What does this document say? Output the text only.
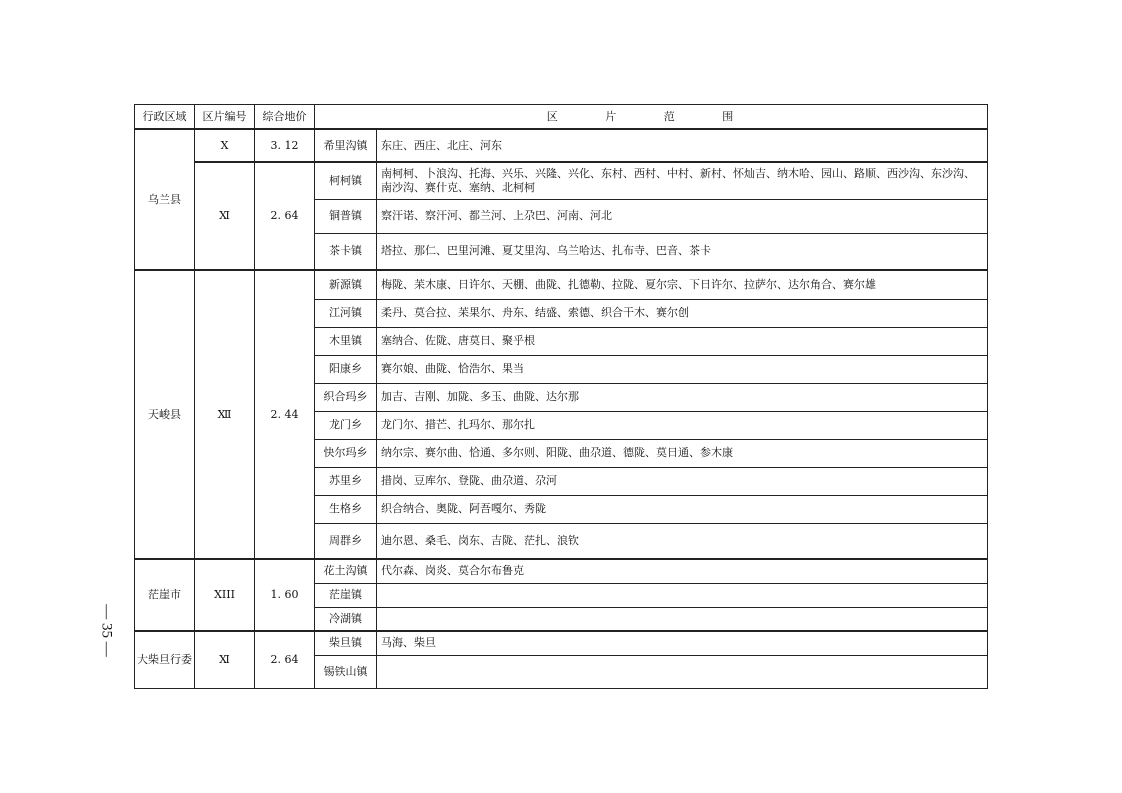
行政区域	区片编号	综合地价	区 片 范 围	
乌兰县	Ⅹ	3. 12	希里沟镇	东庄、西庄、北庄、河东
	Ⅺ	2. 64	柯柯镇	南柯柯、卜浪沟、托海、兴乐、兴隆、兴化、东村、西村、中村、新村、怀灿吉、纳木哈、园山、路顺、西沙沟、东沙沟、南沙沟、赛什克、塞纳、北柯柯
			铜普镇	察汗诺、察汗河、都兰河、上尕巴、河南、河北
			茶卡镇	塔拉、那仁、巴里河滩、夏艾里沟、乌兰哈达、扎布寺、巴音、茶卡
天峻县	Ⅻ	2. 44	新源镇	梅陇、苿木康、日许尔、天棚、曲陇、扎德勒、拉陇、夏尔宗、下日许尔、拉萨尔、达尔角合、赛尔雄
			江河镇	柔丹、莫合拉、苿果尔、舟东、结盛、索德、织合干木、赛尔创
			木里镇	塞纳合、佐陇、唐莫日、聚乎根
			阳康乡	赛尔娘、曲陇、恰浩尔、果当
			织合玛乡	加吉、吉刚、加陇、多玉、曲陇、达尔那
			龙门乡	龙门尔、措芒、扎玛尔、那尔扎
			快尔玛乡	纳尔宗、赛尔曲、恰通、多尔则、阳陇、曲尕道、德陇、莫日通、参木康
			苏里乡	措岗、豆库尔、登陇、曲尕道、尕河
			生格乡	织合纳合、奥陇、阿吾嘎尔、秀陇
			周群乡	迪尔恩、桑毛、岗东、吉陇、茫扎、浪钦
茫崖市	XIII	1. 60	花土沟镇	代尔森、岗炎、莫合尔布鲁克
			茫崖镇	
			冷湖镇	
大柴旦行委	Ⅺ	2. 64	柴旦镇	马海、柴旦
			锡铁山镇	
— 35 —
